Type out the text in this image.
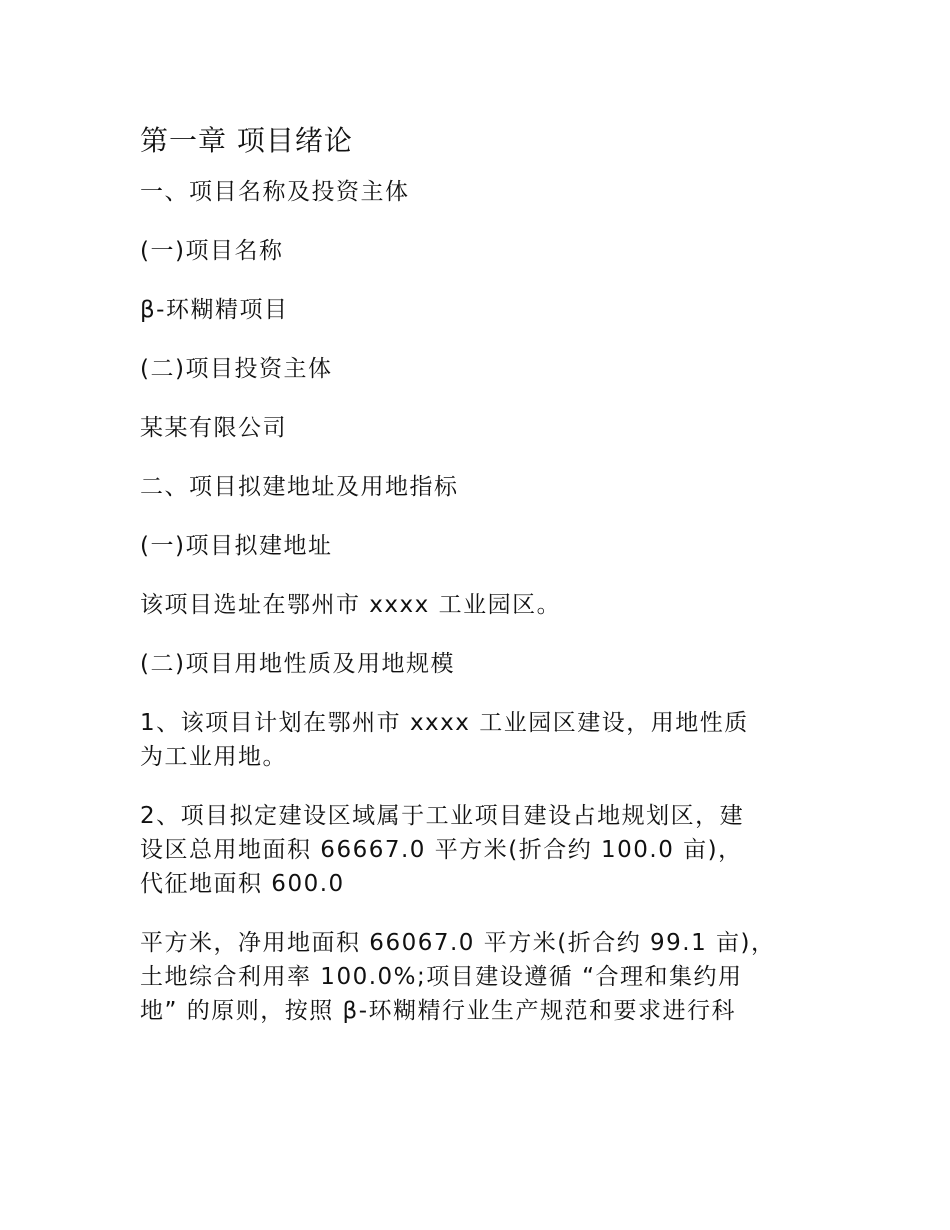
第一章 项目绪论

一、项目名称及投资主体

(一)项目名称

β-环糊精项目

(二)项目投资主体

某某有限公司

二、项目拟建地址及用地指标

(一)项目拟建地址

该项目选址在鄂州市 xxxx 工业园区。

(二)项目用地性质及用地规模

1、该项目计划在鄂州市 xxxx 工业园区建设，用地性质
为工业用地。

2、项目拟定建设区域属于工业项目建设占地规划区，建
设区总用地面积 66667.0 平方米(折合约 100.0 亩)，
代征地面积 600.0

平方米，净用地面积 66067.0 平方米(折合约 99.1 亩)，
土地综合利用率 100.0%;项目建设遵循 “合理和集约用
地” 的原则，按照 β-环糊精行业生产规范和要求进行科
